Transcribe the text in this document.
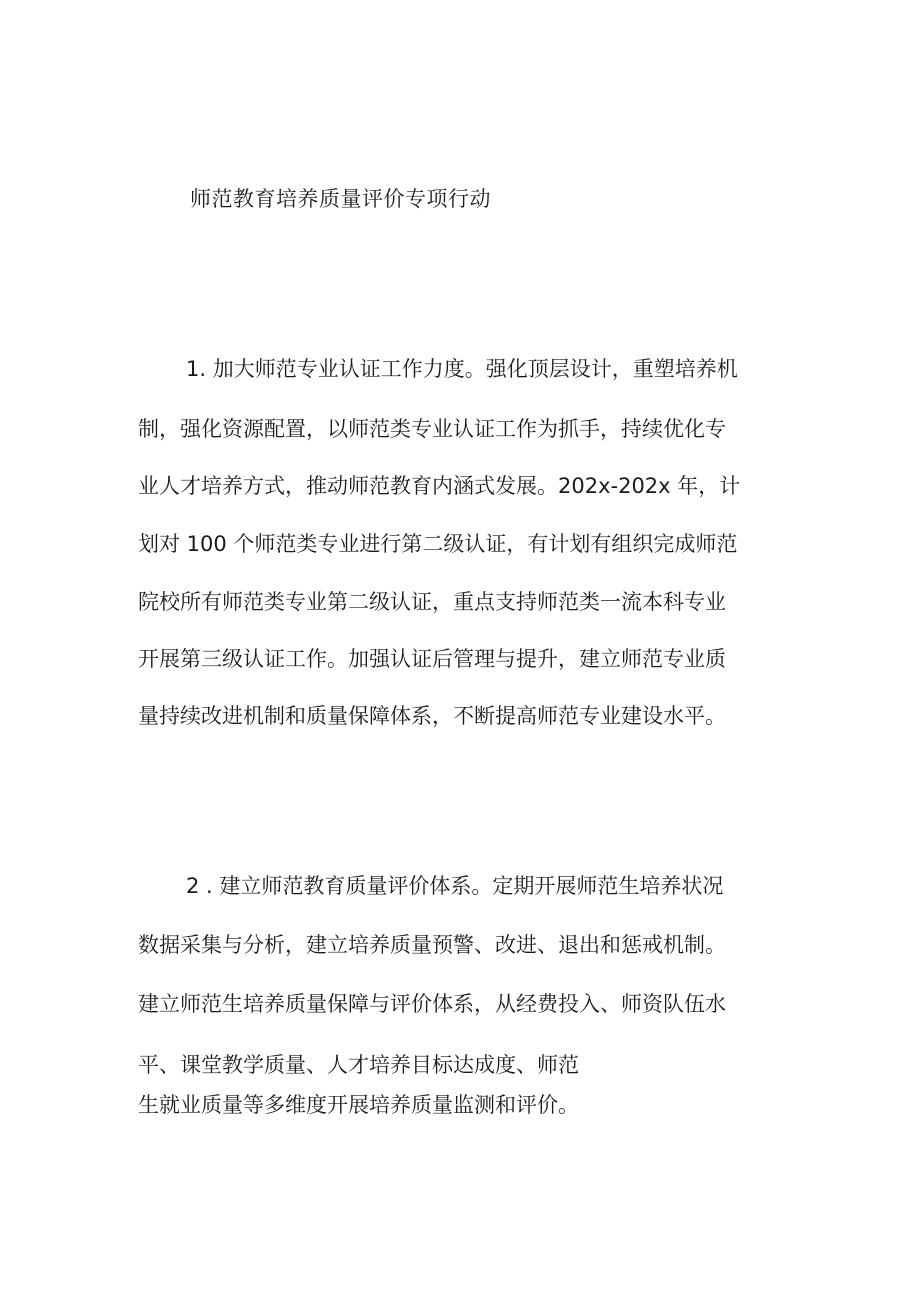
师范教育培养质量评价专项行动
1. 加大师范专业认证工作力度。强化顶层设计，重塑培养机
制，强化资源配置，以师范类专业认证工作为抓手，持续优化专
业人才培养方式，推动师范教育内涵式发展。202x-202x 年，计
划对 100 个师范类专业进行第二级认证，有计划有组织完成师范
院校所有师范类专业第二级认证，重点支持师范类一流本科专业
开展第三级认证工作。加强认证后管理与提升，建立师范专业质
量持续改进机制和质量保障体系，不断提高师范专业建设水平。
2 . 建立师范教育质量评价体系。定期开展师范生培养状况
数据采集与分析，建立培养质量预警、改进、退出和惩戒机制。
建立师范生培养质量保障与评价体系，从经费投入、师资队伍水
平、课堂教学质量、人才培养目标达成度、师范
生就业质量等多维度开展培养质量监测和评价。
